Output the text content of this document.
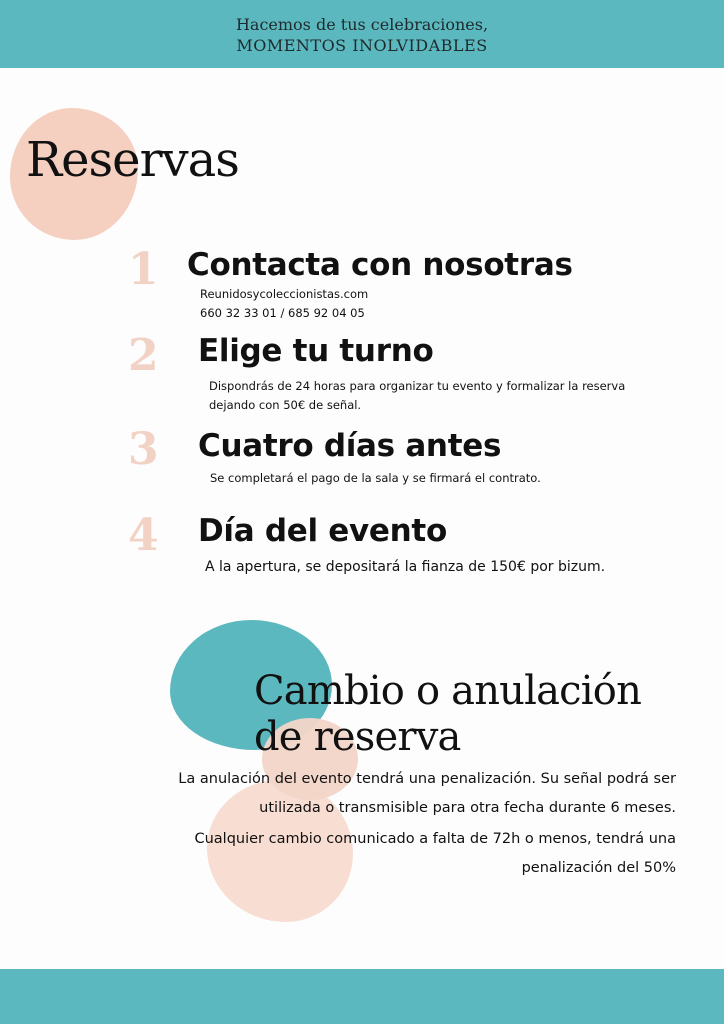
Hacemos de tus celebraciones,
MOMENTOS INOLVIDABLES
Reservas
1 Contacta con nosotras
Reunidosycoleccionistas.com
660 32 33 01 / 685 92 04 05
2 Elige tu turno
Dispondrás de 24 horas para organizar tu evento y formalizar la reserva
dejando con 50€ de señal.
3 Cuatro días antes
Se completará el pago de la sala y se firmará el contrato.
4 Día del evento
A la apertura, se depositará la fianza de 150€ por bizum.
Cambio o anulación
de reserva
La anulación del evento tendrá una penalización. Su señal podrá ser
utilizada o transmisible para otra fecha durante 6 meses.
Cualquier cambio comunicado a falta de 72h o menos, tendrá una
penalización del 50%
